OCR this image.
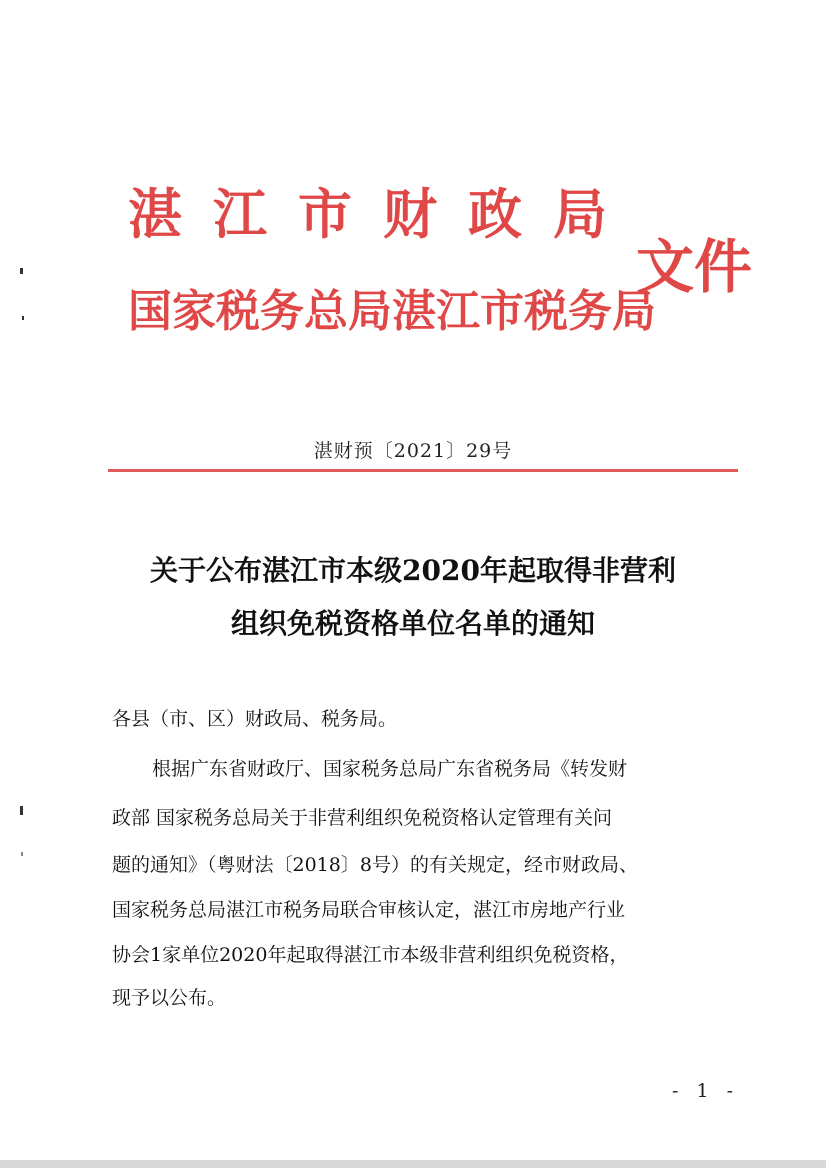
湛江市财政局
国家税务总局湛江市税务局
文件
湛财预〔2021〕29号
关于公布湛江市本级2020年起取得非营利
组织免税资格单位名单的通知
各县（市、区）财政局、税务局。
根据广东省财政厅、国家税务总局广东省税务局《转发财
政部 国家税务总局关于非营利组织免税资格认定管理有关问
题的通知》（粤财法〔2018〕8号）的有关规定，经市财政局、
国家税务总局湛江市税务局联合审核认定，湛江市房地产行业
协会1家单位2020年起取得湛江市本级非营利组织免税资格，
现予以公布。
- 1 -
